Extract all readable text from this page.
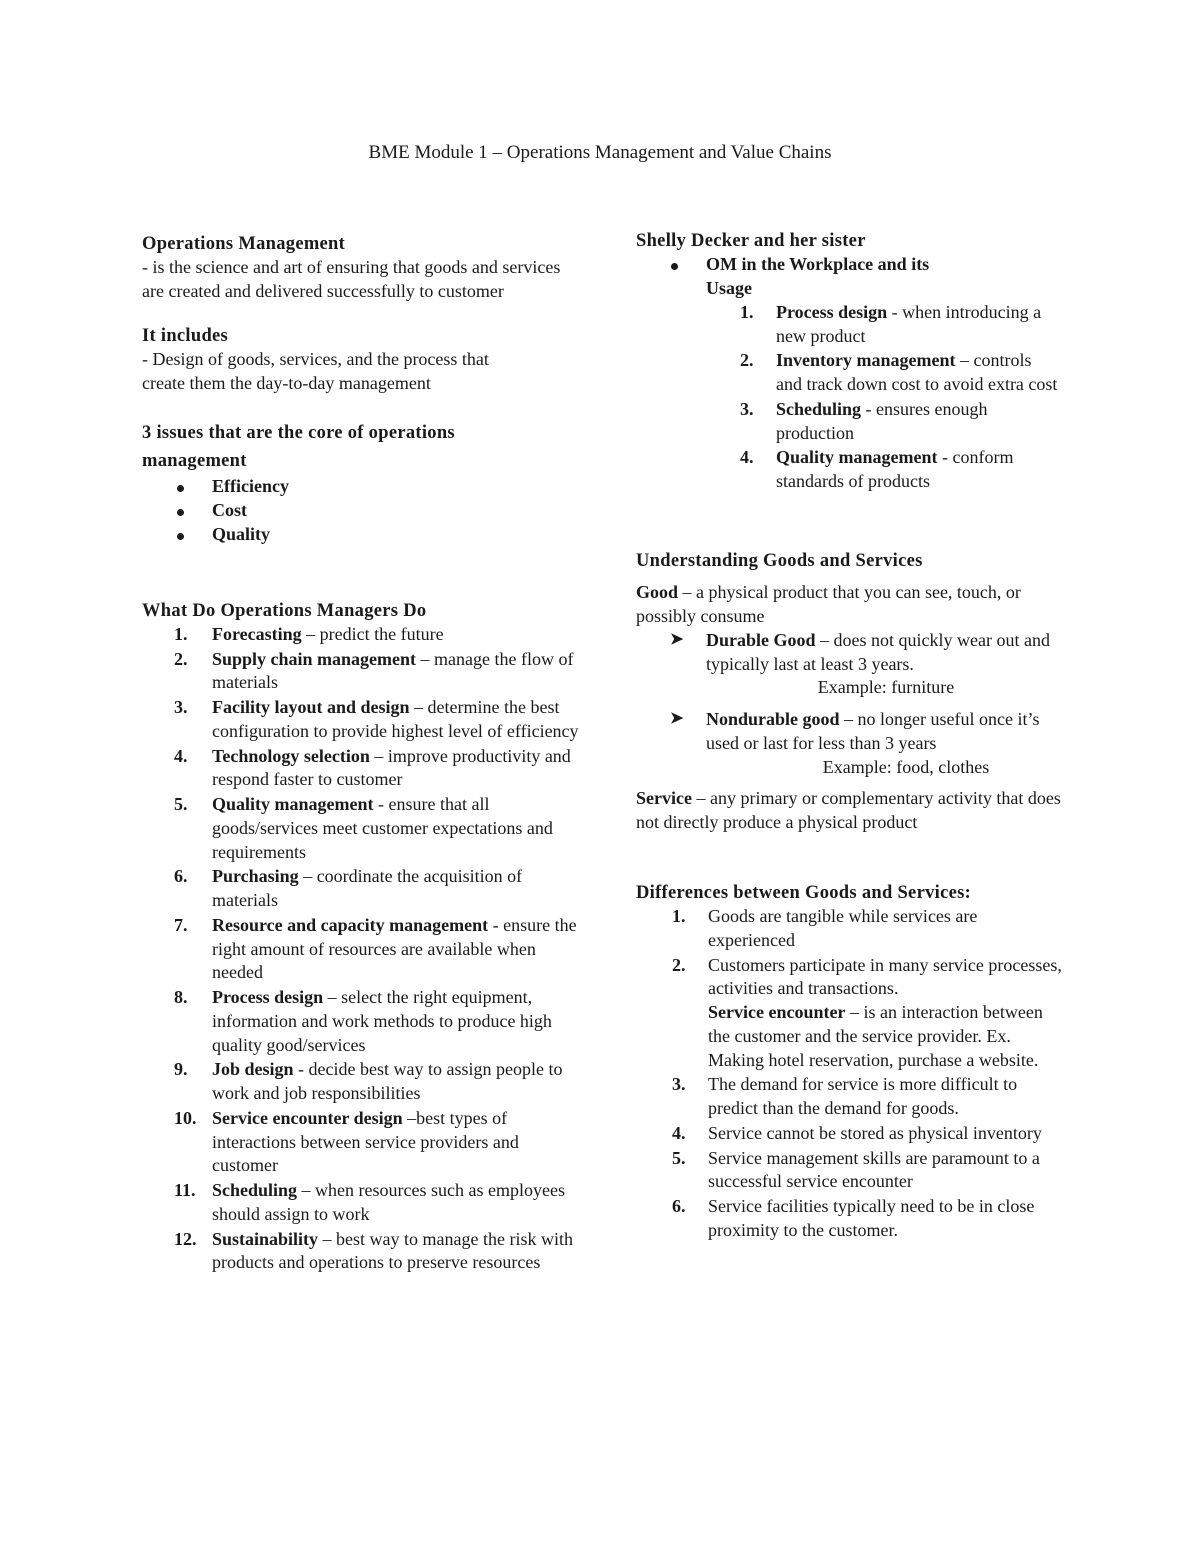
BME Module 1 – Operations Management and Value Chains
Operations Management

- is the science and art of ensuring that goods and services are created and delivered successfully to customer

It includes

- Design of goods, services, and the process that create them the day-to-day management

3 issues that are the core of operations management
Efficiency
Cost
Quality
What Do Operations Managers Do
1.	Forecasting – predict the future
2.	Supply chain management – manage the flow of materials
3.	Facility layout and design – determine the best configuration to provide highest level of efficiency
4.	Technology selection – improve productivity and respond faster to customer
5.	Quality management - ensure that all goods/services meet customer expectations and requirements
6.	Purchasing – coordinate the acquisition of materials
7.	Resource and capacity management - ensure the right amount of resources are available when needed
8.	Process design – select the right equipment, information and work methods to produce high quality good/services
9.	Job design - decide best way to assign people to work and job responsibilities
10. Service encounter design –best types of interactions between service providers and customer
11. Scheduling – when resources such as employees should assign to work
12. Sustainability – best way to manage the risk with products and operations to preserve resources
Shelly Decker and her sister
OM in the Workplace and its Usage
1. Process design - when introducing a new product
2. Inventory management – controls and track down cost to avoid extra cost
3. Scheduling - ensures enough production
4. Quality management - conform standards of products
Understanding Goods and Services

Good – a physical product that you can see, touch, or possibly consume

➤ Durable Good – does not quickly wear out and typically last at least 3 years.
Example: furniture
➤ Nondurable good – no longer useful once it’s used or last for less than 3 years
Example: food, clothes

Service – any primary or complementary activity that does not directly produce a physical product

Differences between Goods and Services:
1. Goods are tangible while services are experienced
2. Customers participate in many service processes, activities and transactions.
Service encounter – is an interaction between the customer and the service provider. Ex. Making hotel reservation, purchase a website.
3. The demand for service is more difficult to predict than the demand for goods.
4. Service cannot be stored as physical inventory
5. Service management skills are paramount to a successful service encounter
6. Service facilities typically need to be in close proximity to the customer.
